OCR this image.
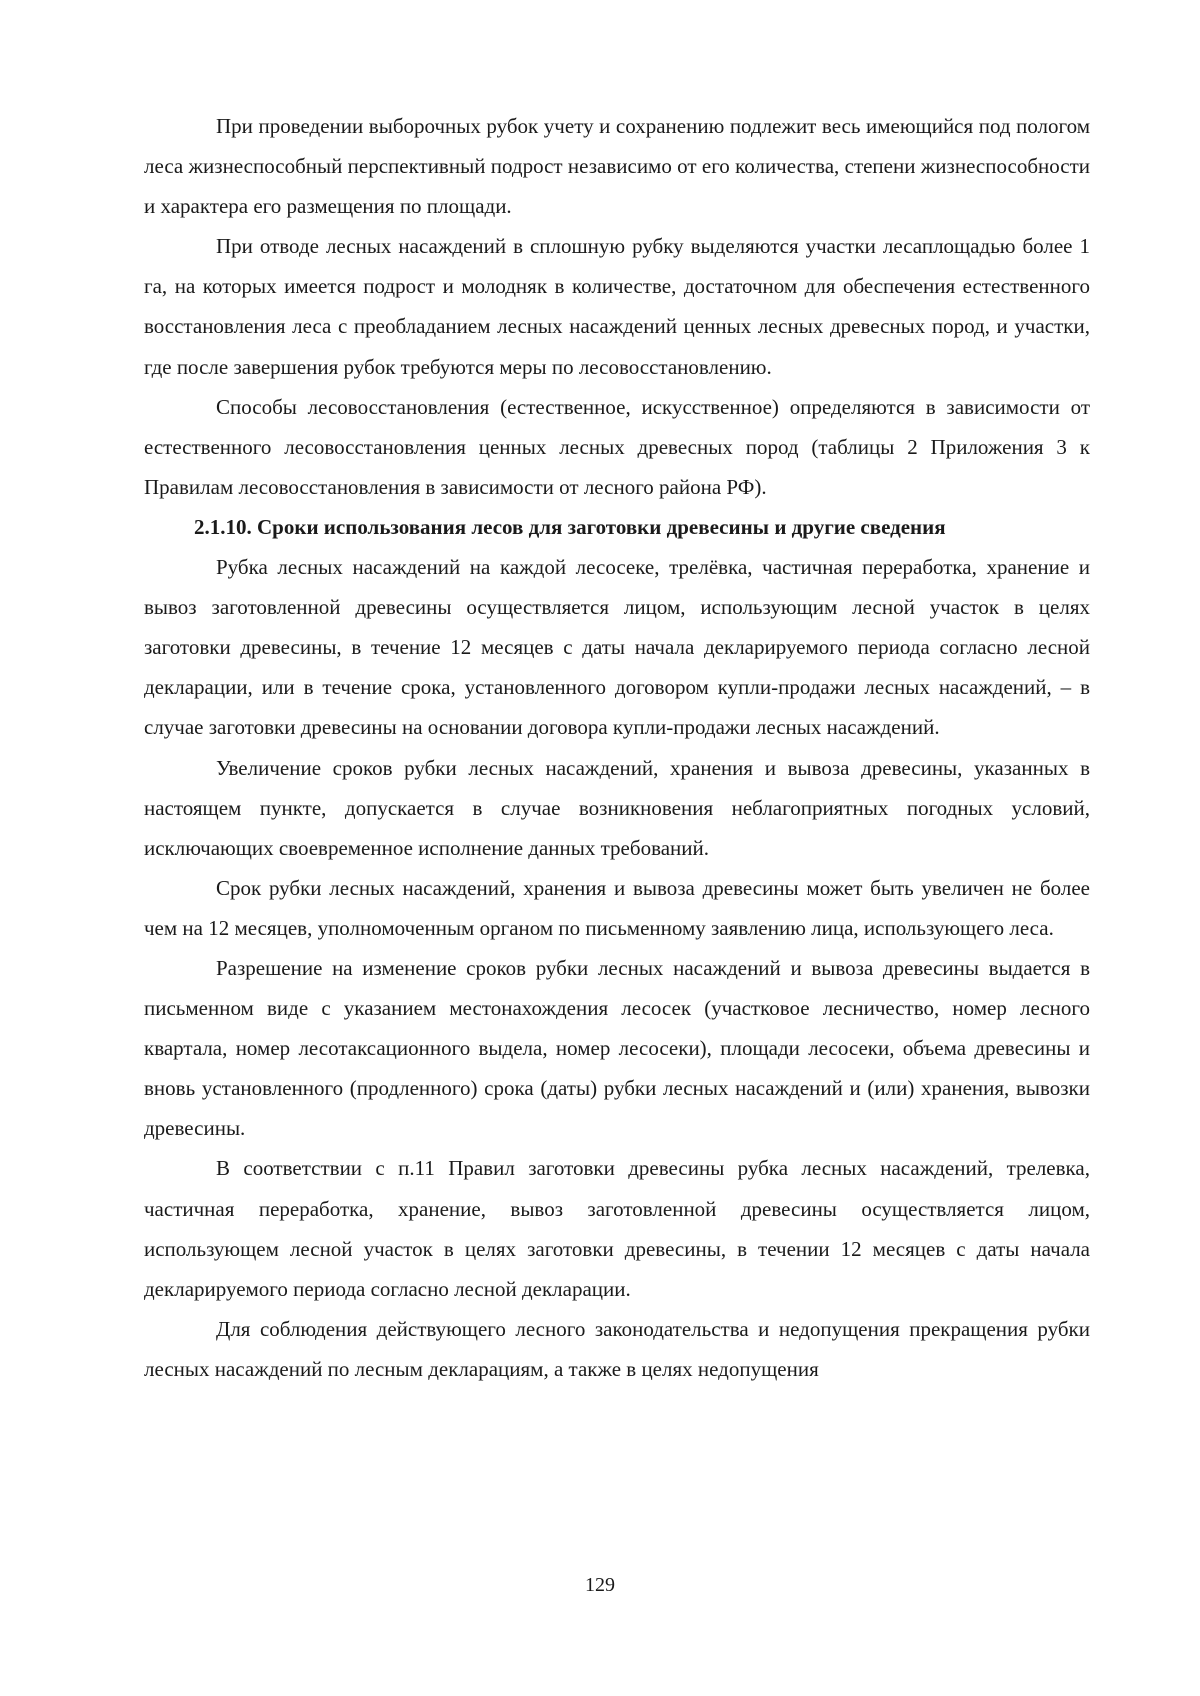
При проведении выборочных рубок учету и сохранению подлежит весь имеющийся под пологом леса жизнеспособный перспективный подрост независимо от его количества, степени жизнеспособности и характера его размещения по площади.

При отводе лесных насаждений в сплошную рубку выделяются участки лесаплощадью более 1 га, на которых имеется подрост и молодняк в количестве, достаточном для обеспечения естественного восстановления леса с преобладанием лесных насаждений ценных лесных древесных пород, и участки, где после завершения рубок требуются меры по лесовосстановлению.

Способы лесовосстановления (естественное, искусственное) определяются в зависимости от естественного лесовосстановления ценных лесных древесных пород (таблицы 2 Приложения 3 к Правилам лесовосстановления в зависимости от лесного района РФ).

2.1.10. Сроки использования лесов для заготовки древесины и другие сведения

Рубка лесных насаждений на каждой лесосеке, трелёвка, частичная переработка, хранение и вывоз заготовленной древесины осуществляется лицом, использующим лесной участок в целях заготовки древесины, в течение 12 месяцев с даты начала декларируемого периода согласно лесной декларации, или в течение срока, установленного договором купли-продажи лесных насаждений, – в случае заготовки древесины на основании договора купли-продажи лесных насаждений.

Увеличение сроков рубки лесных насаждений, хранения и вывоза древесины, указанных в настоящем пункте, допускается в случае возникновения неблагоприятных погодных условий, исключающих своевременное исполнение данных требований.

Срок рубки лесных насаждений, хранения и вывоза древесины может быть увеличен не более чем на 12 месяцев, уполномоченным органом по письменному заявлению лица, использующего леса.

Разрешение на изменение сроков рубки лесных насаждений и вывоза древесины выдается в письменном виде с указанием местонахождения лесосек (участковое лесничество, номер лесного квартала, номер лесотаксационного выдела, номер лесосеки), площади лесосеки, объема древесины и вновь установленного (продленного) срока (даты) рубки лесных насаждений и (или) хранения, вывозки древесины.

В соответствии с п.11 Правил заготовки древесины рубка лесных насаждений, трелевка, частичная переработка, хранение, вывоз заготовленной древесины осуществляется лицом, использующем лесной участок в целях заготовки древесины, в течении 12 месяцев с даты начала декларируемого периода согласно лесной декларации.

Для соблюдения действующего лесного законодательства и недопущения прекращения рубки лесных насаждений по лесным декларациям, а также в целях недопущения

129
